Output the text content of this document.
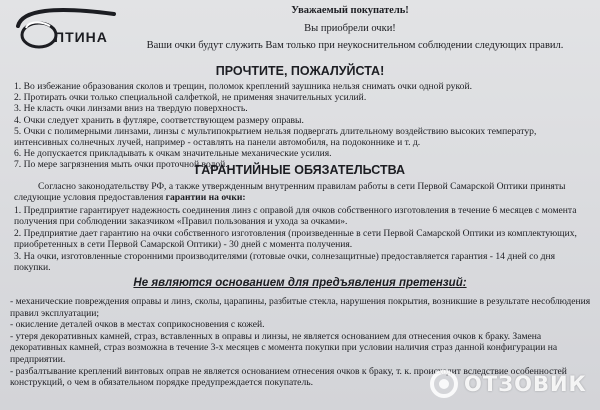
ПТИНА
Уважаемый покупатель!
Вы приобрели очки!
Ваши очки будут служить Вам только при неукоснительном соблюдении следующих правил.
ПРОЧТИТЕ, ПОЖАЛУЙСТА!
1. Во избежание образования сколов и трещин, поломок креплений заушника нельзя снимать очки одной рукой.
2. Протирать очки только специальной салфеткой, не применяя значительных усилий.
3. Не класть очки линзами вниз на твердую поверхность.
4. Очки следует хранить в футляре, соответствующем размеру оправы.
5. Очки с полимерными линзами, линзы с мультипокрытием нельзя подвергать длительному воздействию высоких температур, интенсивных солнечных лучей, например - оставлять на панели автомобиля, на подоконнике и т. д.
6. Не допускается прикладывать к очкам значительные механические усилия.
7. По мере загрязнения мыть очки проточной водой.
ГАРАНТИЙНЫЕ ОБЯЗАТЕЛЬСТВА

Согласно законодательству РФ, а также утвержденным внутренним правилам работы в сети Первой Самарской Оптики приняты следующие условия предоставления гарантии на очки:

1. Предприятие гарантирует надежность соединения линз с оправой для очков собственного изготовления в течение 6 месяцев с момента получения при соблюдении заказчиком «Правил пользования и ухода за очками».
2. Предприятие дает гарантию на очки собственного изготовления (произведенные в сети Первой Самарской Оптики из комплектующих, приобретенных в сети Первой Самарской Оптики) - 30 дней с момента получения.
3. На очки, изготовленные сторонними производителями (готовые очки, солнезащитные) предоставляется гарантия - 14 дней со дня покупки.
Не являются основанием для предъявления претензий:
- механические повреждения оправы и линз, сколы, царапины, разбитые стекла, нарушения покрытия, возникшие в результате несоблюдения правил эксплуатации;
- окисление деталей очков в местах соприкосновения с кожей.
- утеря декоративных камней, страз, вставленных в оправы и линзы, не является основанием для отнесения очков к браку. Замена декоративных камней, страз возможна в течение 3-х месяцев с момента покупки при условии наличия страз данной конфигурации на предприятии.
- разбалтывание креплений винтовых оправ не является основанием отнесения очков к браку, т. к. происходит вследствие особенностей конструкций, о чем в обязательном порядке предупреждается покупатель.	ОТЗОВИК
